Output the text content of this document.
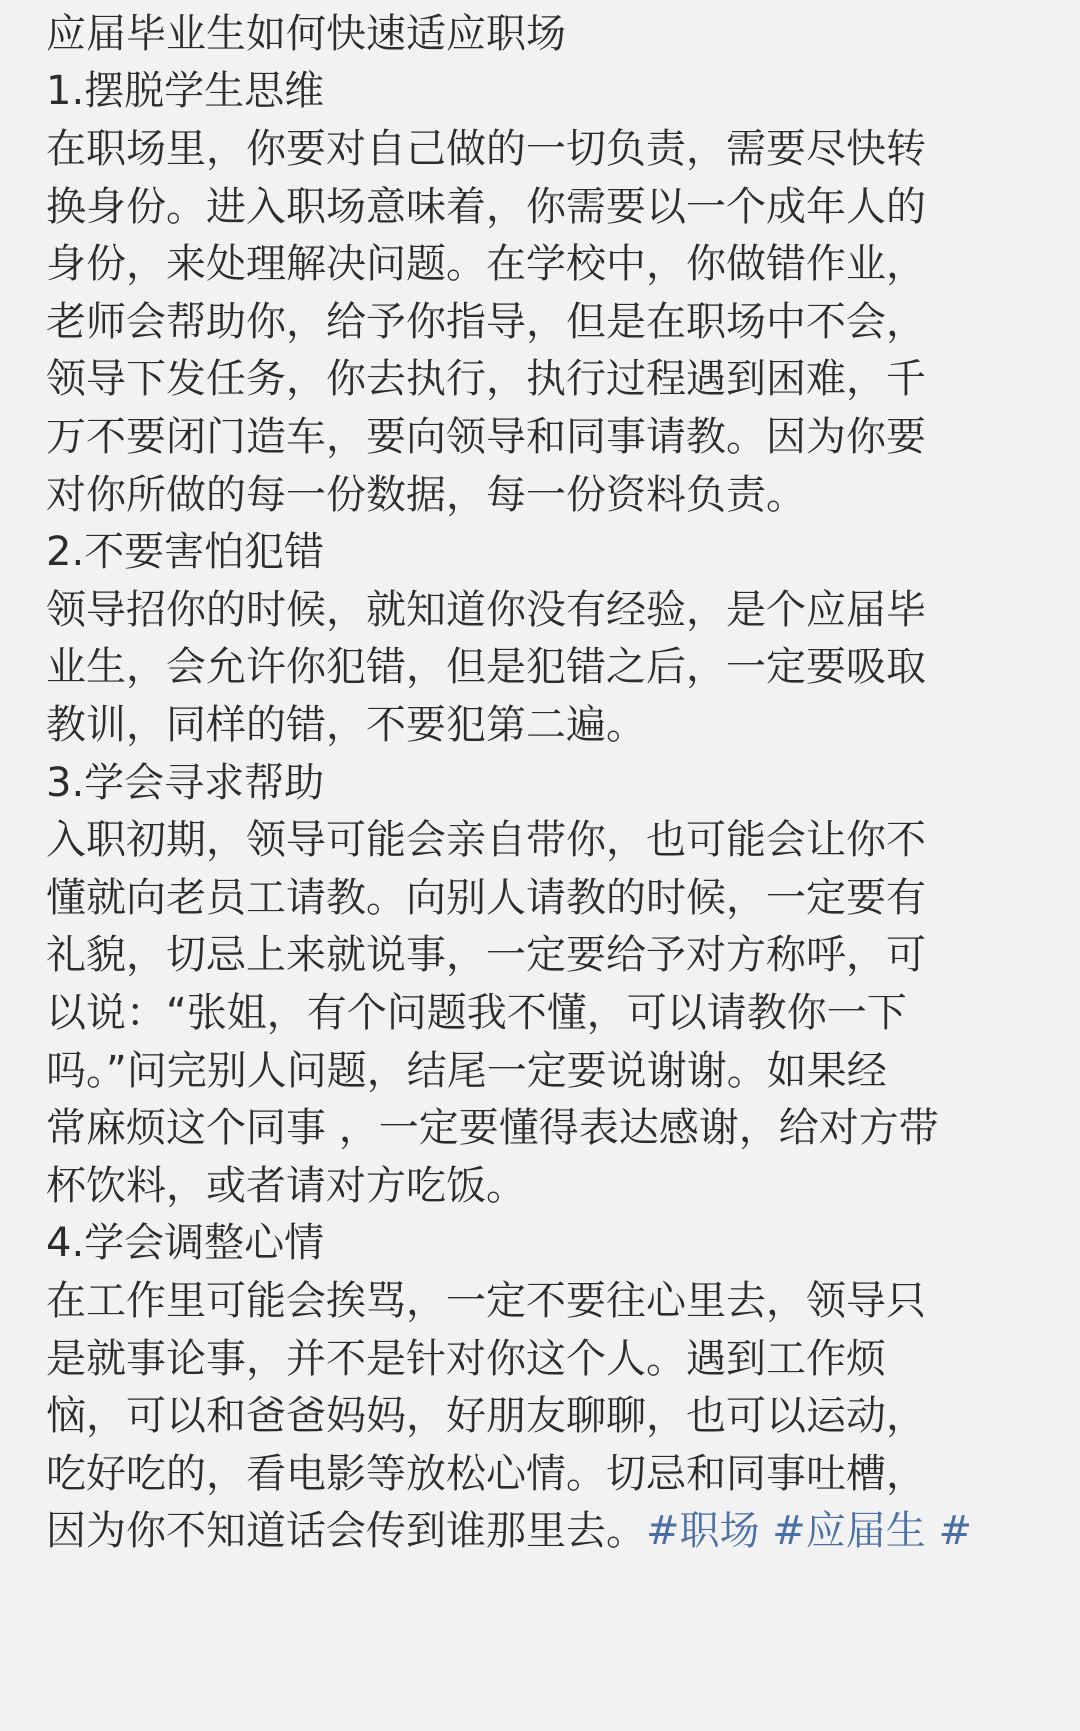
应届毕业生如何快速适应职场

1.摆脱学生思维

在职场里，你要对自己做的一切负责，需要尽快转

换身份。进入职场意味着，你需要以一个成年人的

身份，来处理解决问题。在学校中，你做错作业，

老师会帮助你，给予你指导，但是在职场中不会，

领导下发任务，你去执行，执行过程遇到困难，千

万不要闭门造车，要向领导和同事请教。因为你要

对你所做的每一份数据，每一份资料负责。

2.不要害怕犯错

领导招你的时候，就知道你没有经验，是个应届毕

业生，会允许你犯错，但是犯错之后，一定要吸取

教训，同样的错，不要犯第二遍。

3.学会寻求帮助

入职初期，领导可能会亲自带你，也可能会让你不

懂就向老员工请教。向别人请教的时候，一定要有

礼貌，切忌上来就说事，一定要给予对方称呼，可

以说：“张姐，有个问题我不懂，可以请教你一下

吗。”问完别人问题，结尾一定要说谢谢。如果经

常麻烦这个同事 ，一定要懂得表达感谢，给对方带

杯饮料，或者请对方吃饭。

4.学会调整心情

在工作里可能会挨骂，一定不要往心里去，领导只

是就事论事，并不是针对你这个人。遇到工作烦

恼，可以和爸爸妈妈，好朋友聊聊，也可以运动，

吃好吃的，看电影等放松心情。切忌和同事吐槽，

因为你不知道话会传到谁那里去。#职场 #应届生 #
